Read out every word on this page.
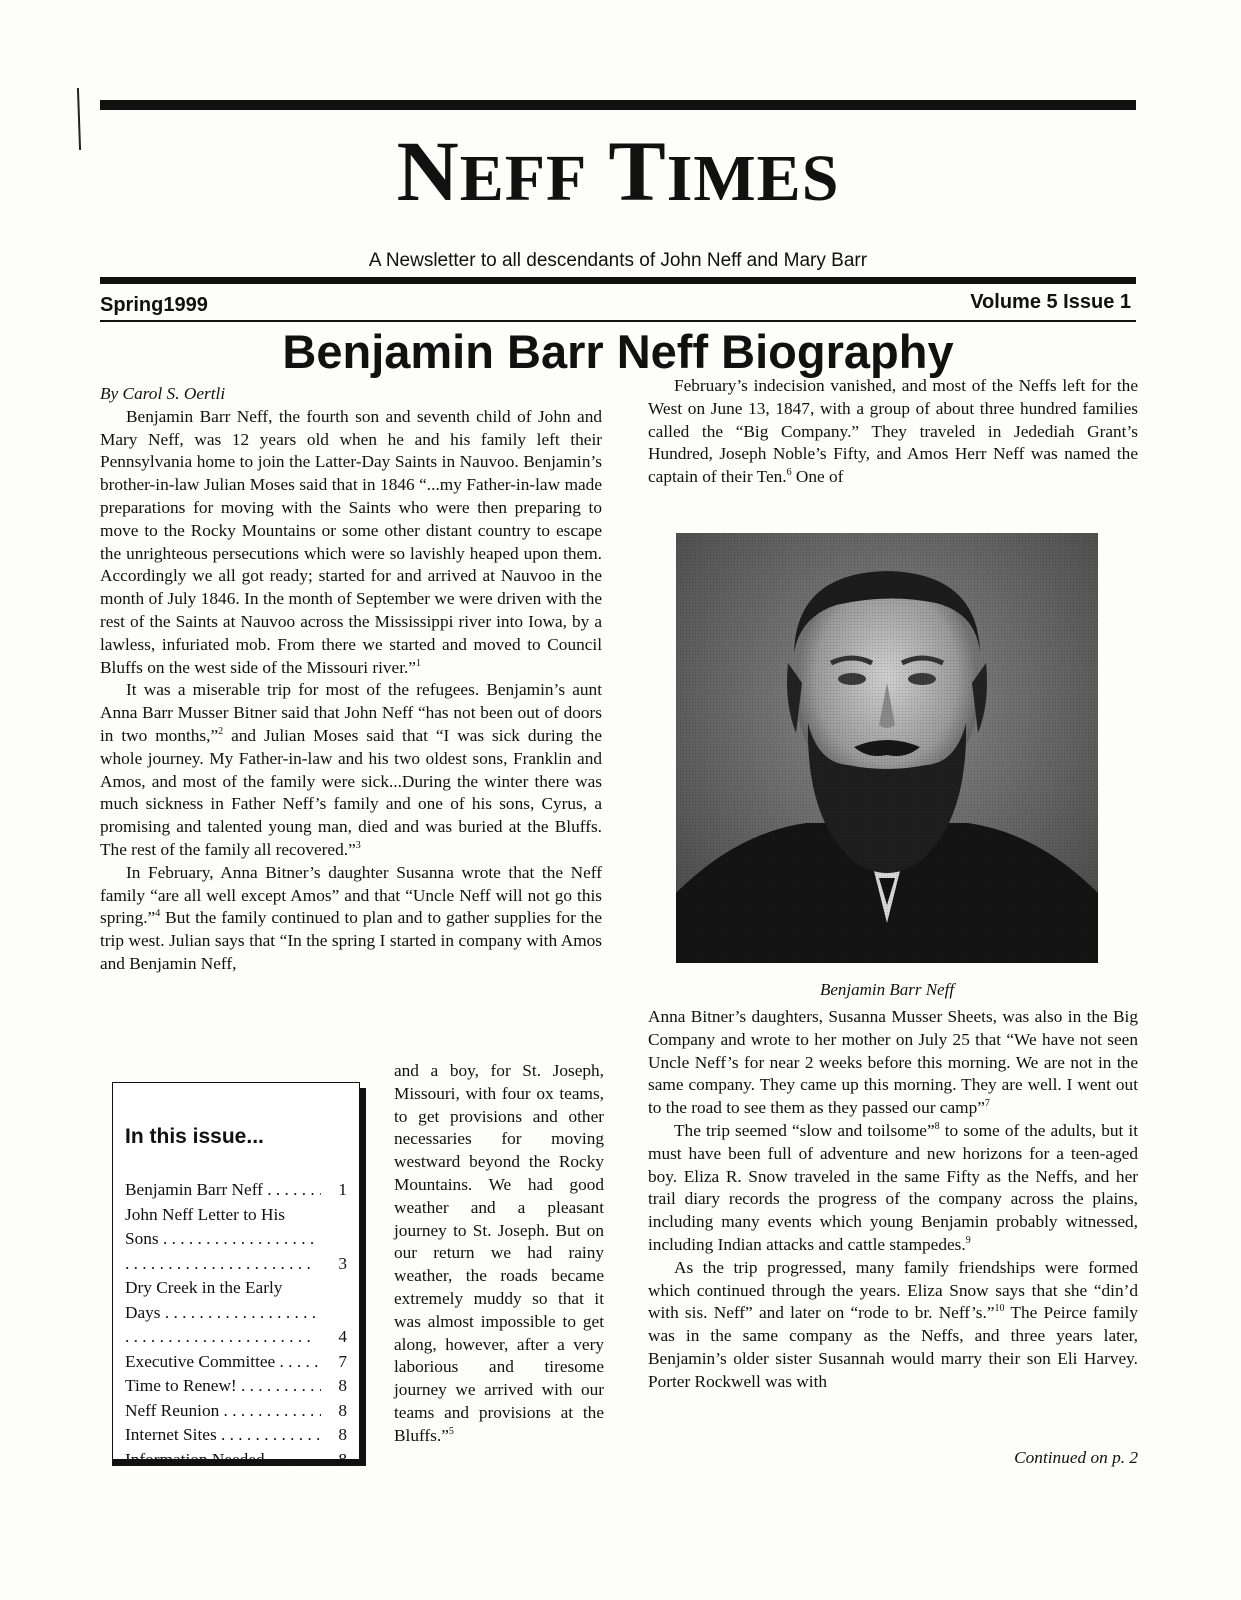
NEFF TIMES
A Newsletter to all descendants of John Neff and Mary Barr
Spring1999	Volume 5 Issue 1
Benjamin Barr Neff Biography

By Carol S. Oertli

Benjamin Barr Neff, the fourth son and seventh child of John and Mary Neff, was 12 years old when he and his family left their Pennsylvania home to join the Latter-Day Saints in Nauvoo. Benjamin’s brother-in-law Julian Moses said that in 1846 “...my Father-in-law made preparations for moving with the Saints who were then preparing to move to the Rocky Mountains or some other distant country to escape the unrighteous persecutions which were so lavishly heaped upon them. Accordingly we all got ready; started for and arrived at Nauvoo in the month of July 1846. In the month of September we were driven with the rest of the Saints at Nauvoo across the Mississippi river into Iowa, by a lawless, infuriated mob. From there we started and moved to Council Bluffs on the west side of the Missouri river.”$^1$

It was a miserable trip for most of the refugees. Benjamin’s aunt Anna Barr Musser Bitner said that John Neff “has not been out of doors in two months,”$^2$ and Julian Moses said that “I was sick during the whole journey. My Father-in-law and his two oldest sons, Franklin and Amos, and most of the family were sick...During the winter there was much sickness in Father Neff’s family and one of his sons, Cyrus, a promising and talented young man, died and was buried at the Bluffs. The rest of the family all recovered.”$^3$

In February, Anna Bitner’s daughter Susanna wrote that the Neff family “are all well except Amos” and that “Uncle Neff will not go this spring.”$^4$ But the family continued to plan and to gather supplies for the trip west. Julian says that “In the spring I started in company with Amos and Benjamin Neff,

and a boy, for St. Joseph, Missouri, with four ox teams, to get provisions and other necessaries for moving westward beyond the Rocky Mountains. We had good weather and a pleasant journey to St. Joseph. But on our return we had rainy weather, the roads became extremely muddy so that it was almost impossible to get along, however, after a very laborious and tiresome journey we arrived with our teams and provisions at the Bluffs.”$^5$

In this issue...
Benjamin Barr Neff . . .	1
John Neff Letter to His Sons . . .
3
Dry Creek in the Early Days . . .
4
Executive Committee . . .	7
Time to Renew! . . .	8
Neff Reunion . . .	8
Internet Sites . . .	8
Information Needed . . .	8

February’s indecision vanished, and most of the Neffs left for the West on June 13, 1847, with a group of about three hundred families called the “Big Company.” They traveled in Jedediah Grant’s Hundred, Joseph Noble’s Fifty, and Amos Herr Neff was named the captain of their Ten.$^6$ One of

Benjamin Barr Neff

Anna Bitner’s daughters, Susanna Musser Sheets, was also in the Big Company and wrote to her mother on July 25 that “We have not seen Uncle Neff’s for near 2 weeks before this morning. We are not in the same company. They came up this morning. They are well. I went out to the road to see them as they passed our camp”$^7$

The trip seemed “slow and toilsome”$^8$ to some of the adults, but it must have been full of adventure and new horizons for a teen-aged boy. Eliza R. Snow traveled in the same Fifty as the Neffs, and her trail diary records the progress of the company across the plains, including many events which young Benjamin probably witnessed, including Indian attacks and cattle stampedes.$^9$

As the trip progressed, many family friendships were formed which continued through the years. Eliza Snow says that she “din’d with sis. Neff” and later on “rode to br. Neff’s.”$^{10}$ The Peirce family was in the same company as the Neffs, and three years later, Benjamin’s older sister Susannah would marry their son Eli Harvey. Porter Rockwell was with

Continued on p. 2
